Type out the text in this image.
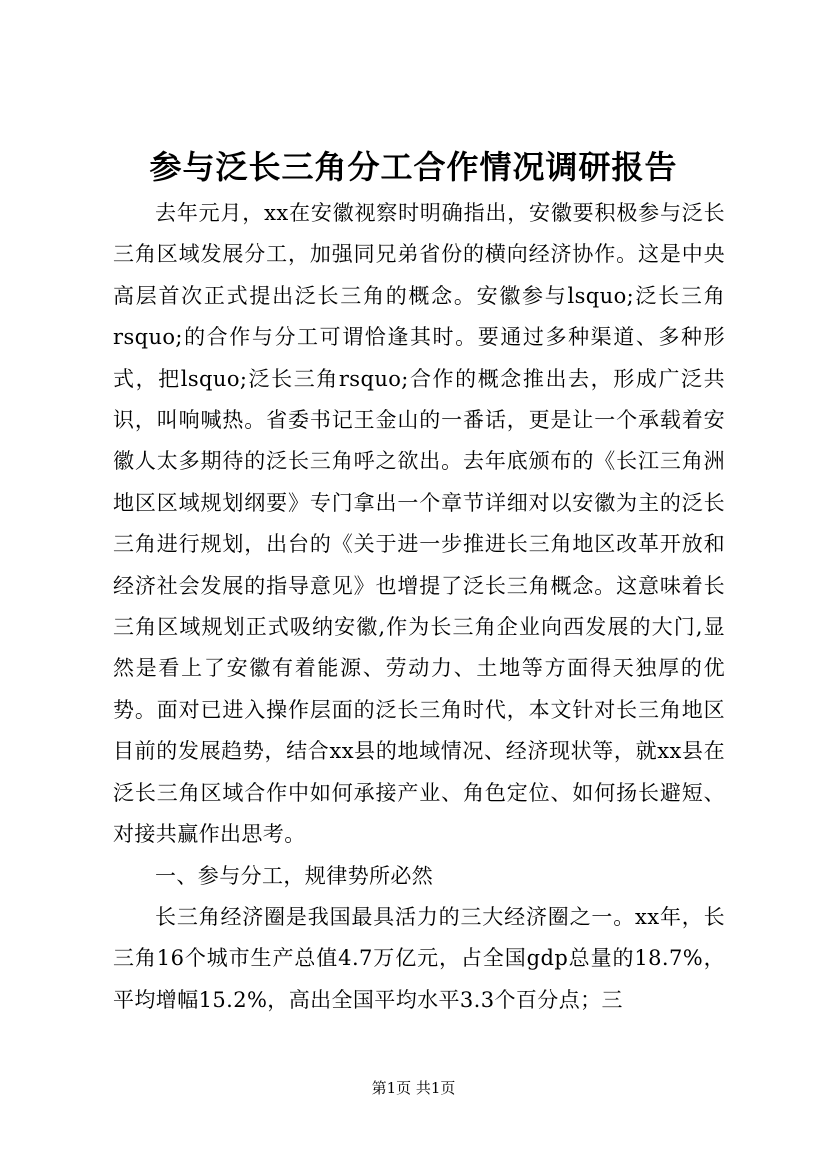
参与泛长三角分工合作情况调研报告

去年元月，xx在安徽视察时明确指出，安徽要积极参与泛长三角区域发展分工，加强同兄弟省份的横向经济协作。这是中央高层首次正式提出泛长三角的概念。安徽参与lsquo;泛长三角rsquo;的合作与分工可谓恰逢其时。要通过多种渠道、多种形式，把lsquo;泛长三角rsquo;合作的概念推出去，形成广泛共识，叫响喊热。省委书记王金山的一番话，更是让一个承载着安徽人太多期待的泛长三角呼之欲出。去年底颁布的《长江三角洲地区区域规划纲要》专门拿出一个章节详细对以安徽为主的泛长三角进行规划，出台的《关于进一步推进长三角地区改革开放和经济社会发展的指导意见》也增提了泛长三角概念。这意味着长三角区域规划正式吸纳安徽,作为长三角企业向西发展的大门,显然是看上了安徽有着能源、劳动力、土地等方面得天独厚的优势。面对已进入操作层面的泛长三角时代，本文针对长三角地区目前的发展趋势，结合xx县的地域情况、经济现状等，就xx县在泛长三角区域合作中如何承接产业、角色定位、如何扬长避短、对接共赢作出思考。

一、参与分工，规律势所必然

长三角经济圈是我国最具活力的三大经济圈之一。xx年，长三角16个城市生产总值4.7万亿元，占全国gdp总量的18.7%，平均增幅15.2%，高出全国平均水平3.3个百分点；三

第1页 共1页
